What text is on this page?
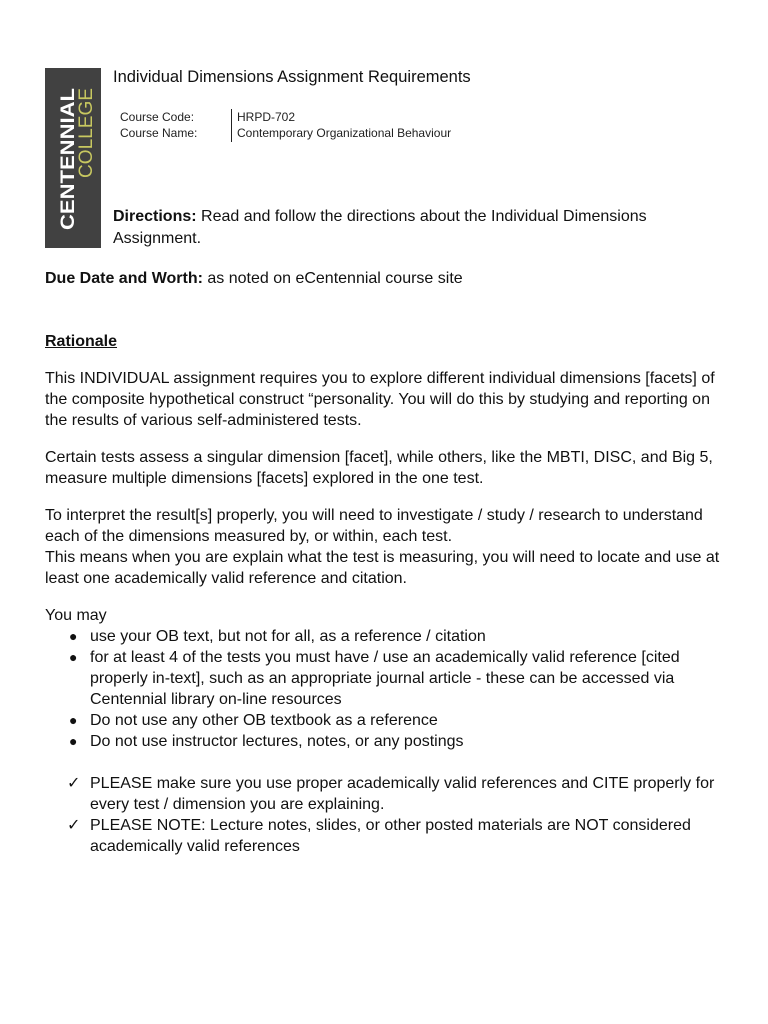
CENTENNIAL
COLLEGE
Individual Dimensions Assignment Requirements
Course Code:	HRPD-702
Course Name:	Contemporary Organizational Behaviour
Directions: Read and follow the directions about the Individual Dimensions Assignment.

Due Date and Worth: as noted on eCentennial course site

Rationale

This INDIVIDUAL assignment requires you to explore different individual dimensions [facets] of the composite hypothetical construct “personality. You will do this by studying and reporting on the results of various self-administered tests.

Certain tests assess a singular dimension [facet], while others, like the MBTI, DISC, and Big 5, measure multiple dimensions [facets] explored in the one test.

To interpret the result[s] properly, you will need to investigate / study / research to understand each of the dimensions measured by, or within, each test.

This means when you are explain what the test is measuring, you will need to locate and use at least one academically valid reference and citation.

You may

● use your OB text, but not for all, as a reference / citation
● for at least 4 of the tests you must have / use an academically valid reference [cited properly in-text], such as an appropriate journal article - these can be accessed via Centennial library on-line resources
● Do not use any other OB textbook as a reference
● Do not use instructor lectures, notes, or any postings
✓ PLEASE make sure you use proper academically valid references and CITE properly for every test / dimension you are explaining.
✓ PLEASE NOTE: Lecture notes, slides, or other posted materials are NOT considered academically valid references
